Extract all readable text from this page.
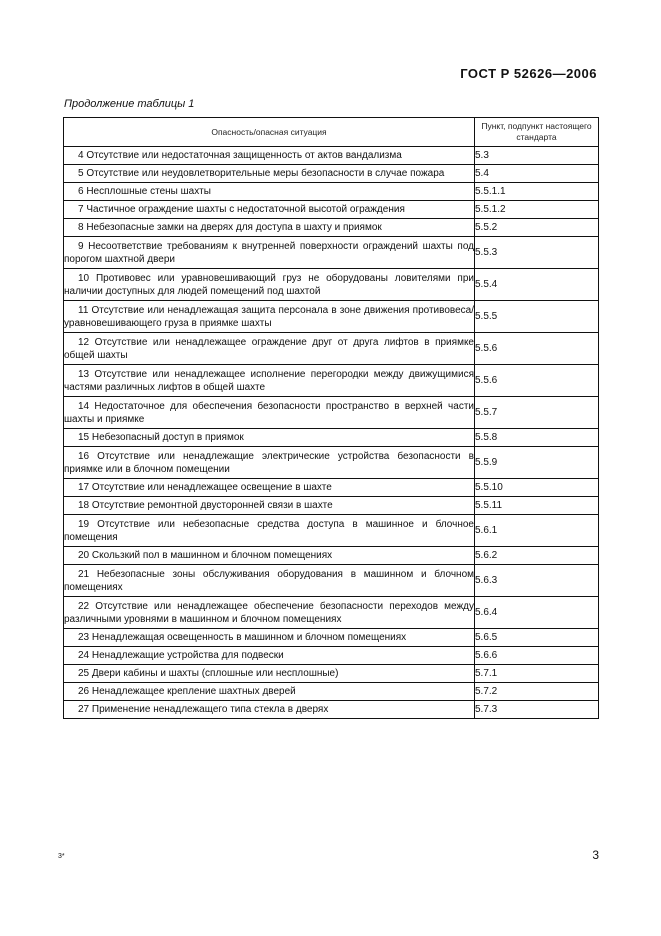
ГОСТ Р 52626—2006
Продолжение таблицы 1
Опасность/опасная ситуация	Пункт, подпункт настоящего стандарта

4 Отсутствие или недостаточная защищенность от актов вандализма	5.3

5 Отсутствие или неудовлетворительные меры безопасности в случае пожара	5.4

6 Несплошные стены шахты	5.5.1.1

7 Частичное ограждение шахты с недостаточной высотой ограждения	5.5.1.2

8 Небезопасные замки на дверях для доступа в шахту и приямок	5.5.2

9 Несоответствие требованиям к внутренней поверхности ограждений шахты под порогом шахтной двери	5.5.3

10 Противовес или уравновешивающий груз не оборудованы ловителями при наличии доступных для людей помещений под шахтой	5.5.4

11 Отсутствие или ненадлежащая защита персонала в зоне движения противовеса/уравновешивающего груза в приямке шахты	5.5.5

12 Отсутствие или ненадлежащее ограждение друг от друга лифтов в приямке общей шахты	5.5.6

13 Отсутствие или ненадлежащее исполнение перегородки между движущимися частями различных лифтов в общей шахте	5.5.6

14 Недостаточное для обеспечения безопасности пространство в верхней части шахты и приямке	5.5.7

15 Небезопасный доступ в приямок	5.5.8

16 Отсутствие или ненадлежащие электрические устройства безопасности в приямке или в блочном помещении	5.5.9

17 Отсутствие или ненадлежащее освещение в шахте	5.5.10

18 Отсутствие ремонтной двусторонней связи в шахте	5.5.11

19 Отсутствие или небезопасные средства доступа в машинное и блочное помещения	5.6.1

20 Скользкий пол в машинном и блочном помещениях	5.6.2

21 Небезопасные зоны обслуживания оборудования в машинном и блочном помещениях	5.6.3

22 Отсутствие или ненадлежащее обеспечение безопасности переходов между различными уровнями в машинном и блочном помещениях	5.6.4

23 Ненадлежащая освещенность в машинном и блочном помещениях	5.6.5

24 Ненадлежащие устройства для подвески	5.6.6

25 Двери кабины и шахты (сплошные или несплошные)	5.7.1

26 Ненадлежащее крепление шахтных дверей	5.7.2

27 Применение ненадлежащего типа стекла в дверях	5.7.3
3*	3
